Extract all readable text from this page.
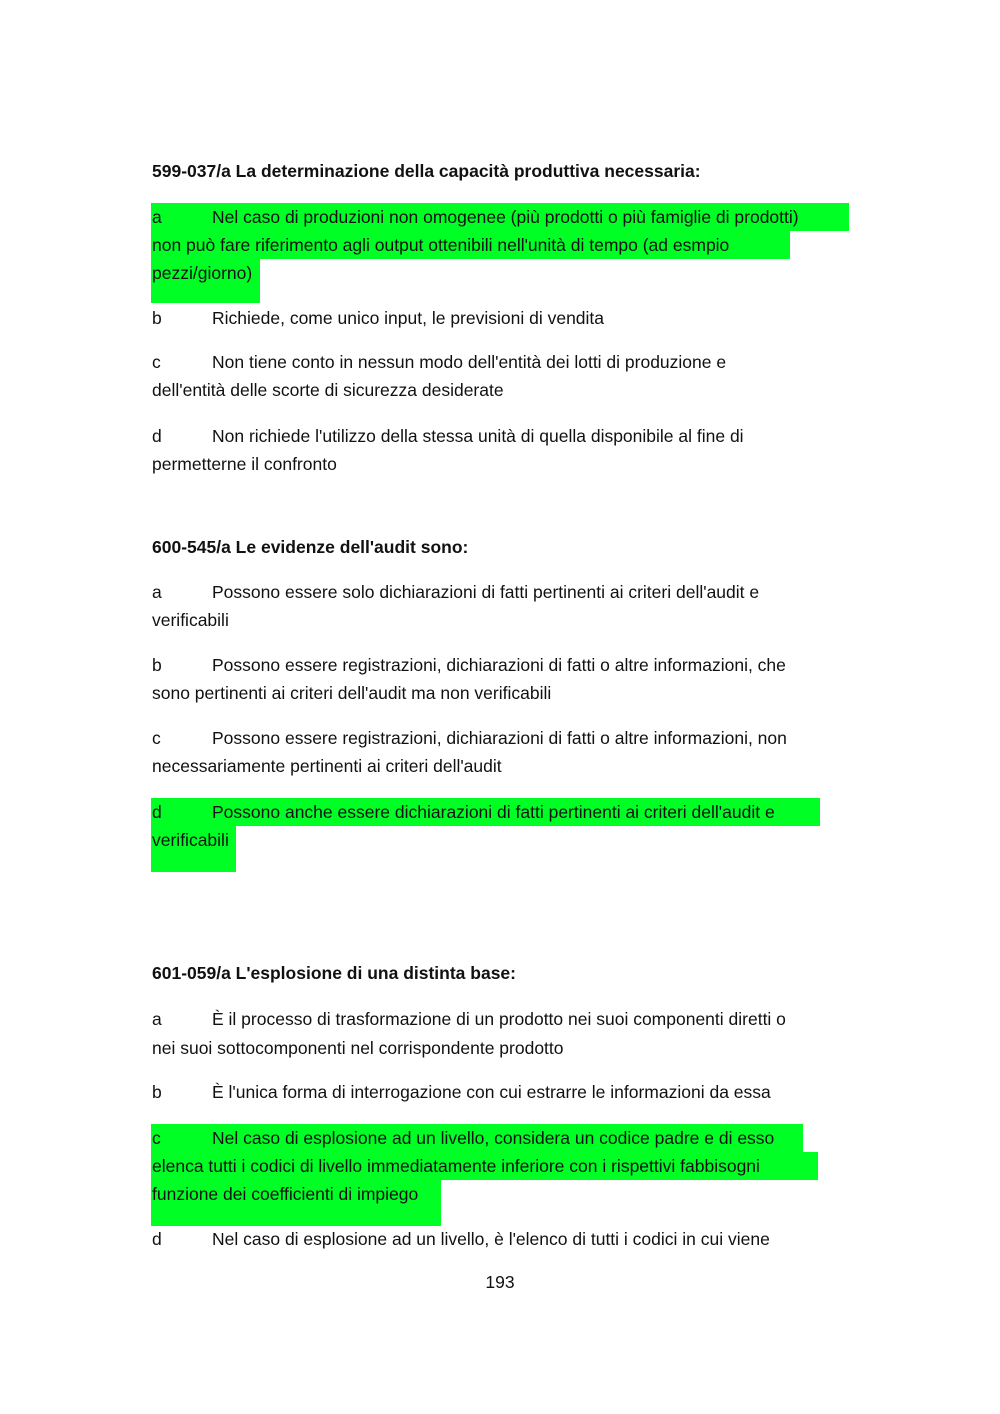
599-037/a La determinazione della capacità produttiva necessaria:
a	Nel caso di produzioni non omogenee (più prodotti o più famiglie di prodotti)
non può fare riferimento agli output ottenibili nell'unità di tempo (ad esmpio
pezzi/giorno)
b	Richiede, come unico input, le previsioni di vendita
c	Non tiene conto in nessun modo dell'entità dei lotti di produzione e
dell'entità delle scorte di sicurezza desiderate
d	Non richiede l'utilizzo della stessa unità di quella disponibile al fine di
permetterne il confronto
600-545/a Le evidenze dell'audit sono:
a	Possono essere solo dichiarazioni di fatti pertinenti ai criteri dell'audit e
verificabili
b	Possono essere registrazioni, dichiarazioni di fatti o altre informazioni, che
sono pertinenti ai criteri dell'audit ma non verificabili
c	Possono essere registrazioni, dichiarazioni di fatti o altre informazioni, non
necessariamente pertinenti ai criteri dell'audit
d	Possono anche essere dichiarazioni di fatti pertinenti ai criteri dell'audit e
verificabili
601-059/a L'esplosione di una distinta base:
a	È il processo di trasformazione di un prodotto nei suoi componenti diretti o
nei suoi sottocomponenti nel corrispondente prodotto
b	È l'unica forma di interrogazione con cui estrarre le informazioni da essa
c	Nel caso di esplosione ad un livello, considera un codice padre e di esso
elenca tutti i codici di livello immediatamente inferiore con i rispettivi fabbisogni
funzione dei coefficienti di impiego
d	Nel caso di esplosione ad un livello, è l'elenco di tutti i codici in cui viene
193
